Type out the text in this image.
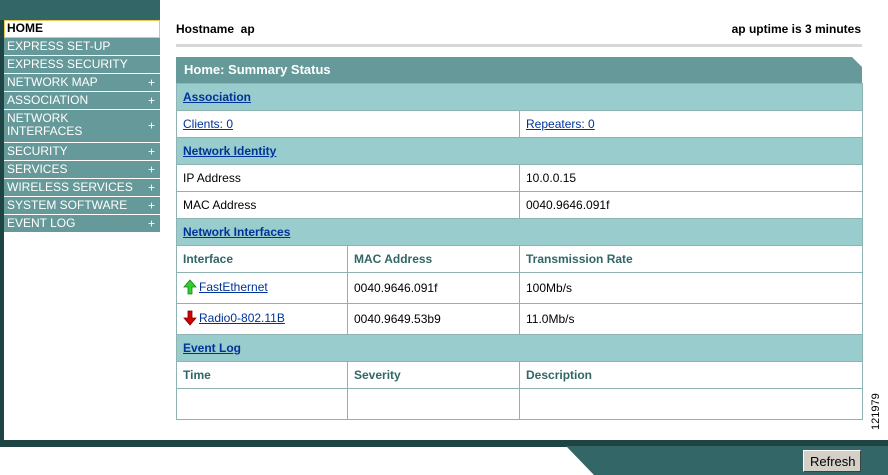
HOME
EXPRESS SET-UP
EXPRESS SECURITY
NETWORK MAP	+
ASSOCIATION	+
NETWORK
INTERFACES	+
SECURITY	+
SERVICES	+
WIRELESS SERVICES +
SYSTEM SOFTWARE +
EVENT LOG	+
Hostname  ap	ap uptime is 3 minutes
Home: Summary Status
Association		
Clients: 0		Repeaters: 0
Network Identity		
IP Address		10.0.0.15
MAC Address		0040.9646.091f
Network Interfaces		
Interface	MAC Address	Transmission Rate

FastEthernet	0040.9646.091f	100Mb/s

Radio0-802.11B	0040.9649.53b9	11.0Mb/s
Event Log		
Time	Severity	Description

Refresh
121979
